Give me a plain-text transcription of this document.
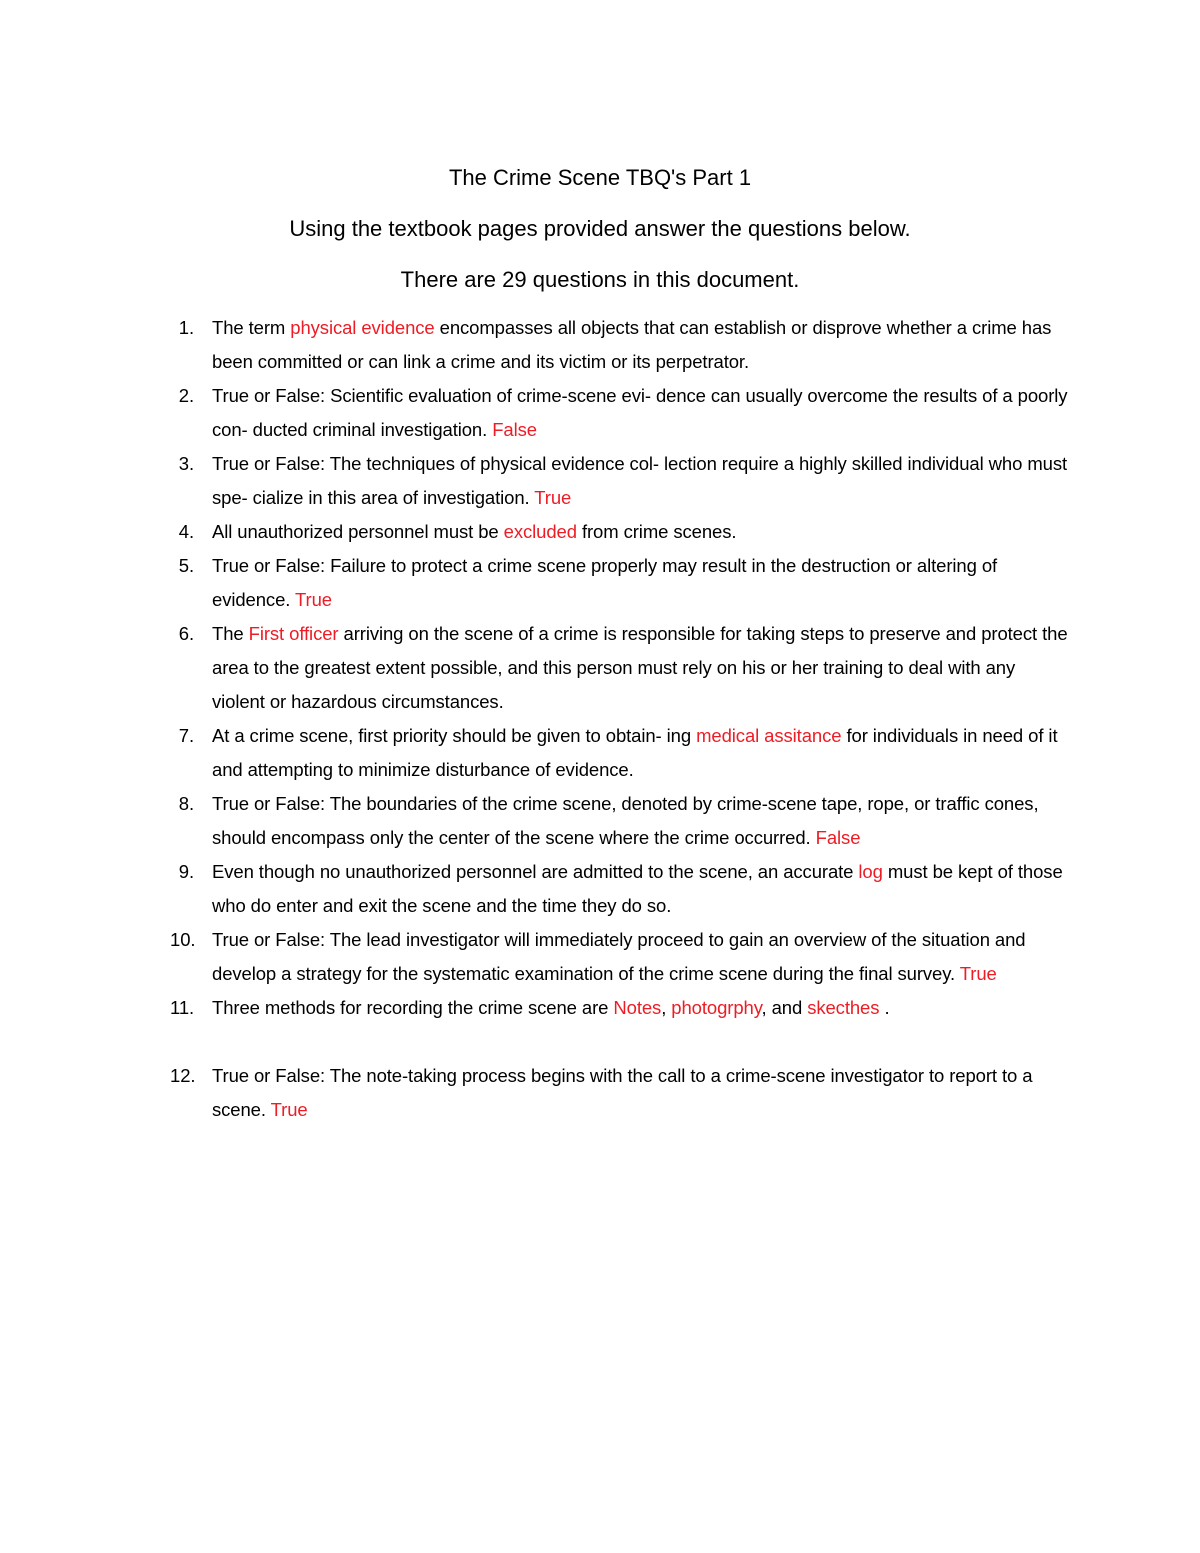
The Crime Scene TBQ's Part 1

Using the textbook pages provided answer the questions below.

There are 29 questions in this document.

1. The term physical evidence encompasses all objects that can establish or disprove whether a crime has been committed or can link a crime and its victim or its perpetrator.
2. True or False: Scientific evaluation of crime-scene evi- dence can usually overcome the results of a poorly con- ducted criminal investigation. False
3. True or False: The techniques of physical evidence col- lection require a highly skilled individual who must spe- cialize in this area of investigation. True
4. All unauthorized personnel must be excluded from crime scenes.
5. True or False: Failure to protect a crime scene properly may result in the destruction or altering of evidence. True
6. The First officer arriving on the scene of a crime is responsible for taking steps to preserve and protect the area to the greatest extent possible, and this person must rely on his or her training to deal with any violent or hazardous circumstances.
7. At a crime scene, first priority should be given to obtain- ing medical assitance for individuals in need of it and attempting to minimize disturbance of evidence.
8. True or False: The boundaries of the crime scene, denoted by crime-scene tape, rope, or traffic cones, should encompass only the center of the scene where the crime occurred. False
9. Even though no unauthorized personnel are admitted to the scene, an accurate log must be kept of those who do enter and exit the scene and the time they do so.
10. True or False: The lead investigator will immediately proceed to gain an overview of the situation and develop a strategy for the systematic examination of the crime scene during the final survey. True
11. Three methods for recording the crime scene are Notes, photogrphy, and skecthes .
12. True or False: The note-taking process begins with the call to a crime-scene investigator to report to a scene. True
